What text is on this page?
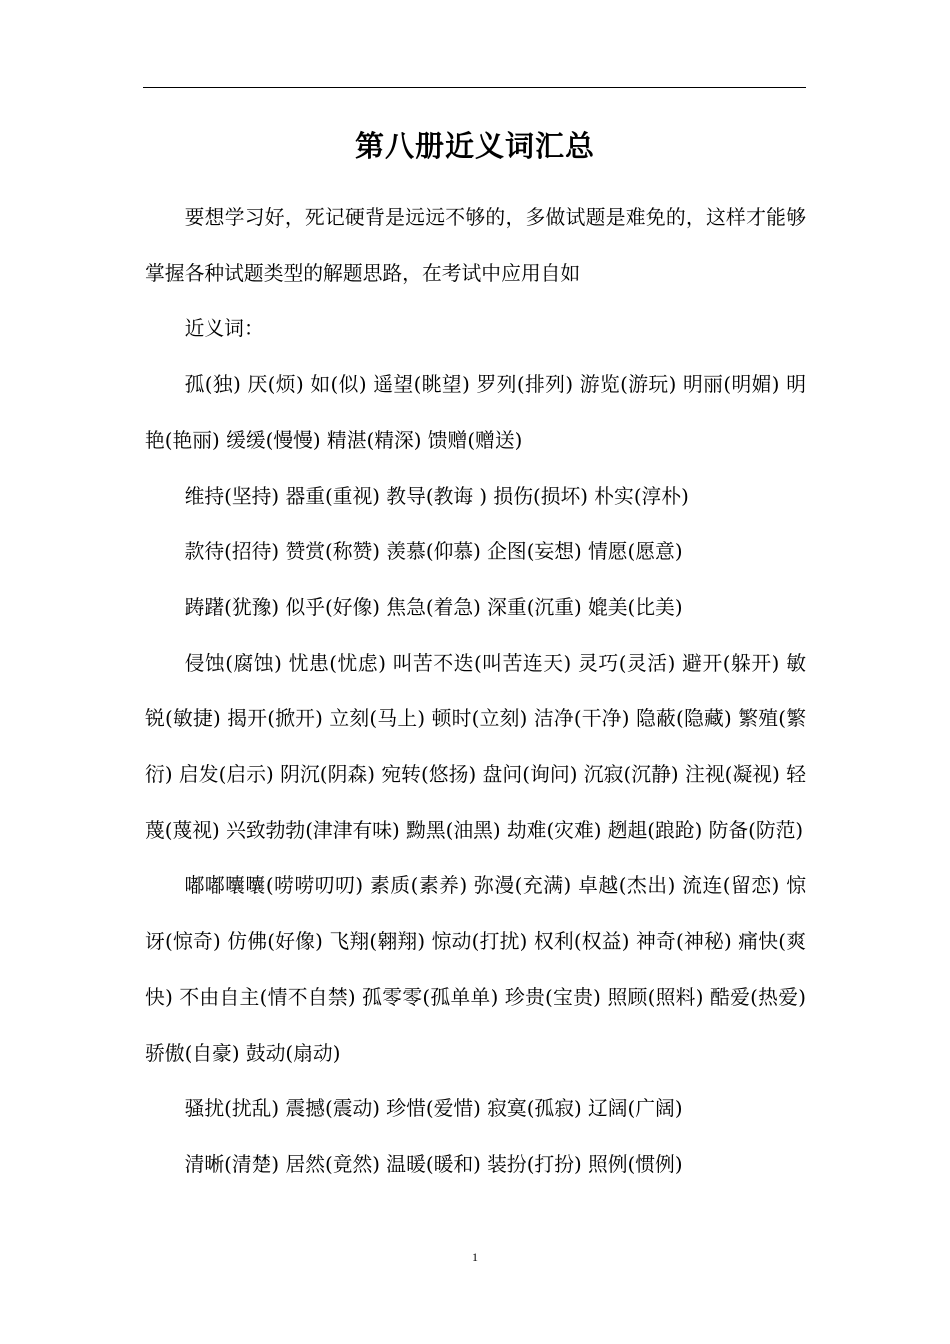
第八册近义词汇总

要想学习好，死记硬背是远远不够的，多做试题是难免的，这样才能够掌握各种试题类型的解题思路，在考试中应用自如

近义词：

孤(独) 厌(烦) 如(似) 遥望(眺望) 罗列(排列) 游览(游玩) 明丽(明媚) 明艳(艳丽) 缓缓(慢慢) 精湛(精深) 馈赠(赠送)

维持(坚持) 器重(重视) 教导(教诲 ) 损伤(损坏) 朴实(淳朴)

款待(招待) 赞赏(称赞) 羡慕(仰慕) 企图(妄想) 情愿(愿意)

踌躇(犹豫) 似乎(好像) 焦急(着急) 深重(沉重) 媲美(比美)

侵蚀(腐蚀) 忧患(忧虑) 叫苦不迭(叫苦连天) 灵巧(灵活) 避开(躲开) 敏锐(敏捷) 揭开(掀开) 立刻(马上) 顿时(立刻) 洁净(干净) 隐蔽(隐藏) 繁殖(繁衍) 启发(启示) 阴沉(阴森) 宛转(悠扬) 盘问(询问) 沉寂(沉静) 注视(凝视) 轻蔑(蔑视) 兴致勃勃(津津有味) 黝黑(油黑) 劫难(灾难) 趔趄(踉跄) 防备(防范)

嘟嘟囔囔(唠唠叨叨) 素质(素养) 弥漫(充满) 卓越(杰出) 流连(留恋) 惊讶(惊奇) 仿佛(好像) 飞翔(翱翔) 惊动(打扰) 权利(权益) 神奇(神秘) 痛快(爽快) 不由自主(情不自禁) 孤零零(孤单单) 珍贵(宝贵) 照顾(照料) 酷爱(热爱) 骄傲(自豪) 鼓动(扇动)

骚扰(扰乱) 震撼(震动) 珍惜(爱惜) 寂寞(孤寂) 辽阔(广阔)

清晰(清楚) 居然(竟然) 温暖(暖和) 装扮(打扮) 照例(惯例)

1
